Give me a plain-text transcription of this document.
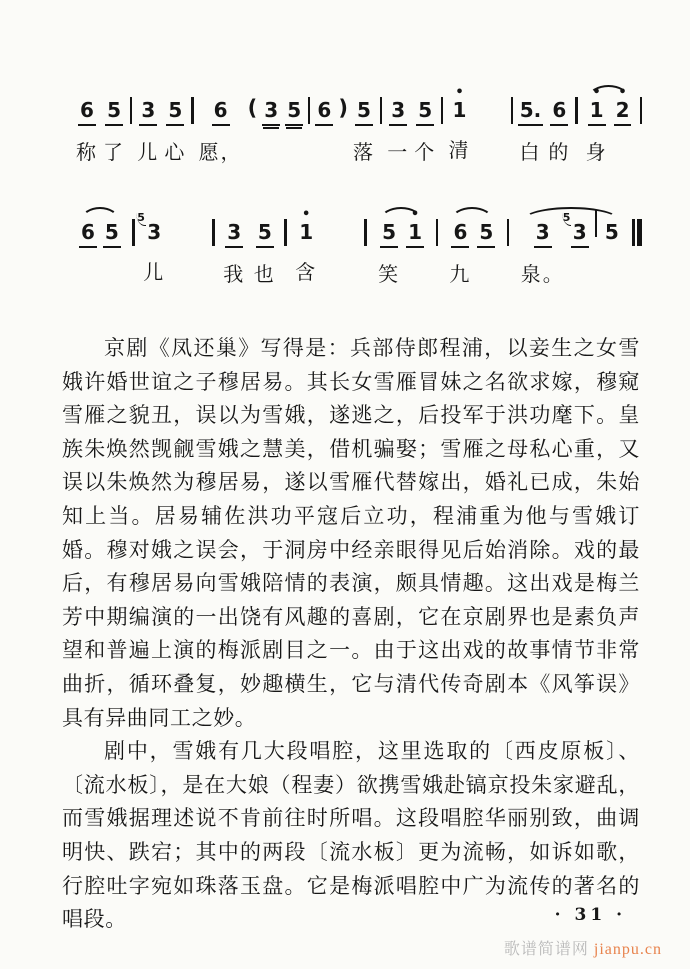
6
称
5
了
3
儿
5
心
6
愿，
( 3
5
6
) 5
落
3
一
5
个
•
1
清
5.
白
6
的
•
1
身
•
2

6
5
3
5
儿
3
我
5
也
•
1
含
5
笑
•
1
6
九
5
3
泉。
3
5

5

京剧《凤还巢》写得是：兵部侍郎程浦，以妾生之女雪娥许婚世谊之子穆居易。其长女雪雁冒妹之名欲求嫁，穆窥雪雁之貌丑，误以为雪娥，遂逃之，后投军于洪功麾下。皇族朱焕然觊觎雪娥之慧美，借机骗娶；雪雁之母私心重，又误以朱焕然为穆居易，遂以雪雁代替嫁出，婚礼已成，朱始知上当。居易辅佐洪功平寇后立功，程浦重为他与雪娥订婚。穆对娥之误会，于洞房中经亲眼得见后始消除。戏的最后，有穆居易向雪娥陪情的表演，颇具情趣。这出戏是梅兰芳中期编演的一出饶有风趣的喜剧，它在京剧界也是素负声望和普遍上演的梅派剧目之一。由于这出戏的故事情节非常曲折，循环叠复，妙趣横生，它与清代传奇剧本《风筝误》具有异曲同工之妙。

剧中，雪娥有几大段唱腔，这里选取的〔西皮原板〕、〔流水板〕，是在大娘（程妻）欲携雪娥赴镐京投朱家避乱，而雪娥据理述说不肯前往时所唱。这段唱腔华丽别致，曲调明快、跌宕；其中的两段〔流水板〕更为流畅，如诉如歌，行腔吐字宛如珠落玉盘。它是梅派唱腔中广为流传的著名的唱段。	· 31 ·
歌谱简谱网 jianpu.cn
